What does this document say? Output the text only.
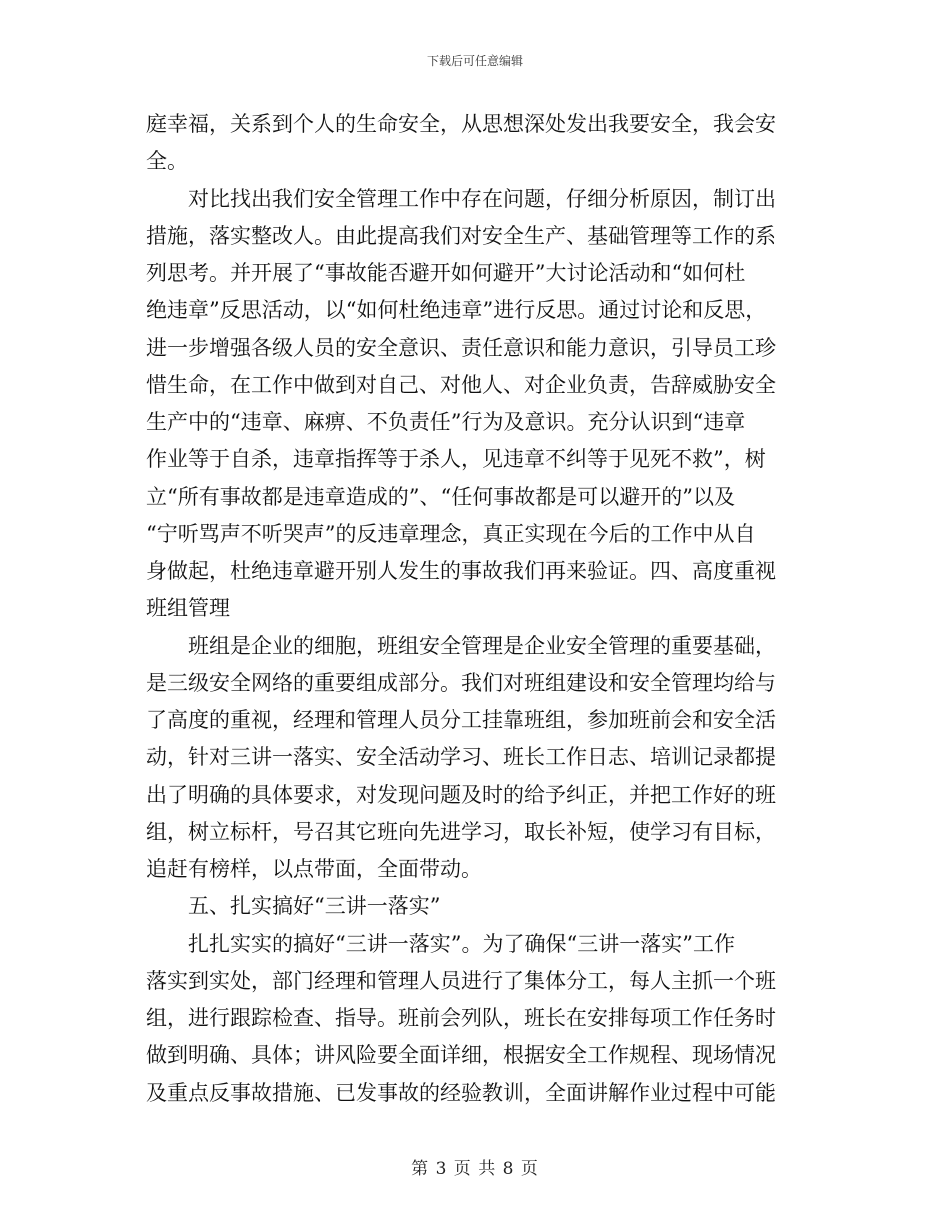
下载后可任意编辑
庭幸福，关系到个人的生命安全，从思想深处发出我要安全，我会安
全。
对比找出我们安全管理工作中存在问题，仔细分析原因，制订出
措施，落实整改人。由此提高我们对安全生产、基础管理等工作的系
列思考。并开展了“事故能否避开如何避开”大讨论活动和“如何杜
绝违章”反思活动，以“如何杜绝违章”进行反思。通过讨论和反思，
进一步增强各级人员的安全意识、责任意识和能力意识，引导员工珍
惜生命，在工作中做到对自己、对他人、对企业负责，告辞威胁安全
生产中的“违章、麻痹、不负责任”行为及意识。充分认识到“违章
作业等于自杀，违章指挥等于杀人，见违章不纠等于见死不救”，树
立“所有事故都是违章造成的”、“任何事故都是可以避开的”以及
“宁听骂声不听哭声”的反违章理念，真正实现在今后的工作中从自
身做起，杜绝违章避开别人发生的事故我们再来验证。四、高度重视
班组管理
班组是企业的细胞，班组安全管理是企业安全管理的重要基础，
是三级安全网络的重要组成部分。我们对班组建设和安全管理均给与
了高度的重视，经理和管理人员分工挂靠班组，参加班前会和安全活
动，针对三讲一落实、安全活动学习、班长工作日志、培训记录都提
出了明确的具体要求，对发现问题及时的给予纠正，并把工作好的班
组，树立标杆，号召其它班向先进学习，取长补短，使学习有目标，
追赶有榜样，以点带面，全面带动。
五、扎实搞好“三讲一落实”
扎扎实实的搞好“三讲一落实”。为了确保“三讲一落实”工作
落实到实处，部门经理和管理人员进行了集体分工，每人主抓一个班
组，进行跟踪检查、指导。班前会列队，班长在安排每项工作任务时
做到明确、具体；讲风险要全面详细，根据安全工作规程、现场情况
及重点反事故措施、已发事故的经验教训，全面讲解作业过程中可能
第 3 页 共 8 页
